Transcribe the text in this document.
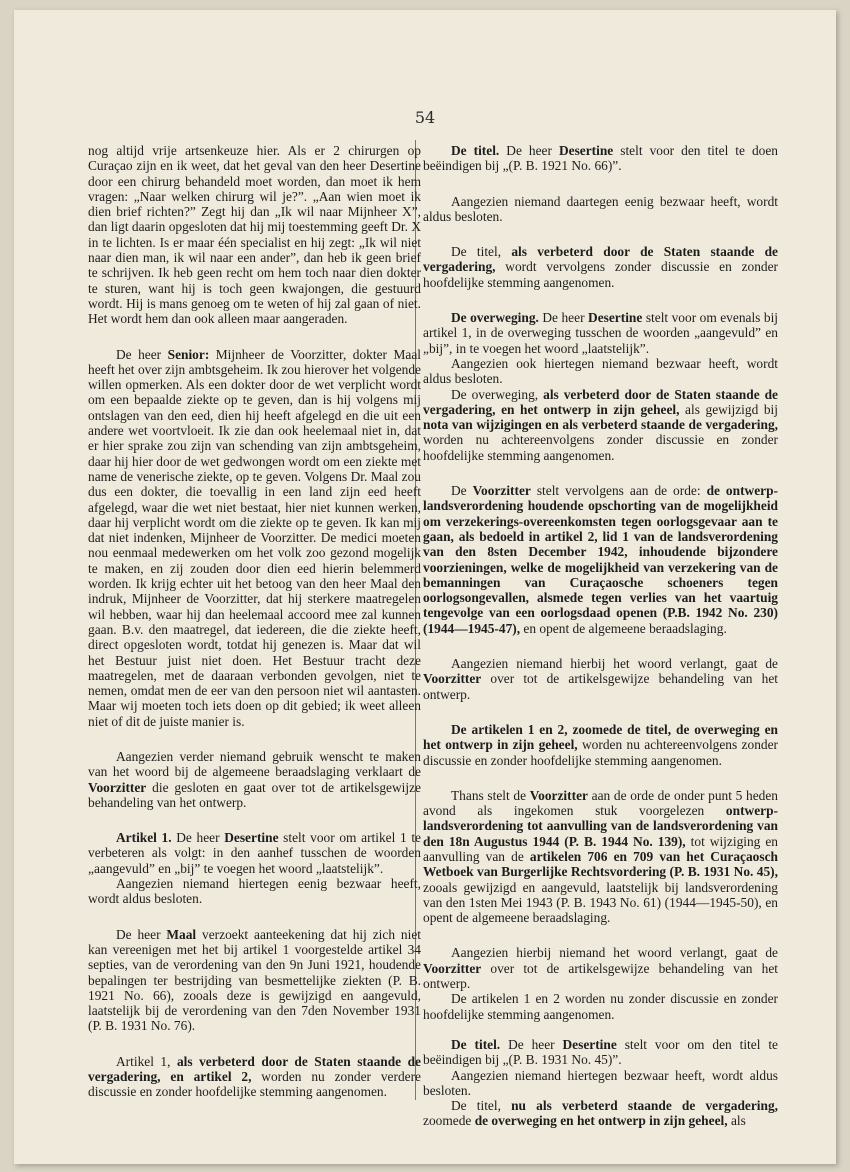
54

nog altijd vrije artsenkeuze hier. Als er 2 chirurgen op Curaçao zijn en ik weet, dat het geval van den heer Desertine door een chirurg behandeld moet worden, dan moet ik hem vragen: „Naar welken chirurg wil je?”. „Aan wien moet ik dien brief richten?” Zegt hij dan „Ik wil naar Mijnheer X”, dan ligt daarin opgesloten dat hij mij toestemming geeft Dr. X in te lichten. Is er maar één specialist en hij zegt: „Ik wil niet naar dien man, ik wil naar een ander”, dan heb ik geen brief te schrijven. Ik heb geen recht om hem toch naar dien dokter te sturen, want hij is toch geen kwajongen, die gestuurd wordt. Hij is mans genoeg om te weten of hij zal gaan of niet. Het wordt hem dan ook alleen maar aangeraden.

De heer Senior: Mijnheer de Voorzitter, dokter Maal heeft het over zijn ambtsgeheim. Ik zou hierover het volgende willen opmerken. Als een dokter door de wet verplicht wordt om een bepaalde ziekte op te geven, dan is hij volgens mij ontslagen van den eed, dien hij heeft afgelegd en die uit een andere wet voortvloeit. Ik zie dan ook heelemaal niet in, dat er hier sprake zou zijn van schending van zijn ambtsgeheim, daar hij hier door de wet gedwongen wordt om een ziekte met name de venerische ziekte, op te geven. Volgens Dr. Maal zou dus een dokter, die toevallig in een land zijn eed heeft afgelegd, waar die wet niet bestaat, hier niet kunnen werken, daar hij verplicht wordt om die ziekte op te geven. Ik kan mij dat niet indenken, Mijnheer de Voorzitter. De medici moeten nou eenmaal medewerken om het volk zoo gezond mogelijk te maken, en zij zouden door dien eed hierin belemmerd worden. Ik krijg echter uit het betoog van den heer Maal den indruk, Mijnheer de Voorzitter, dat hij sterkere maatregelen wil hebben, waar hij dan heelemaal accoord mee zal kunnen gaan. B.v. den maatregel, dat iedereen, die die ziekte heeft, direct opgesloten wordt, totdat hij genezen is. Maar dat wil het Bestuur juist niet doen. Het Bestuur tracht deze maatregelen, met de daaraan verbonden gevolgen, niet te nemen, omdat men de eer van den persoon niet wil aantasten. Maar wij moeten toch iets doen op dit gebied; ik weet alleen niet of dit de juiste manier is.

Aangezien verder niemand gebruik wenscht te maken van het woord bij de algemeene beraadslaging verklaart de Voorzitter die gesloten en gaat over tot de artikelsgewijze behandeling van het ontwerp.

Artikel 1. De heer Desertine stelt voor om artikel 1 te verbeteren als volgt: in den aanhef tusschen de woorden „aangevuld” en „bij” te voegen het woord „laatstelijk”.

Aangezien niemand hiertegen eenig bezwaar heeft, wordt aldus besloten.

De heer Maal verzoekt aanteekening dat hij zich niet kan vereenigen met het bij artikel 1 voorgestelde artikel 34 septies, van de verordening van den 9n Juni 1921, houdende bepalingen ter bestrijding van besmettelijke ziekten (P. B. 1921 No. 66), zooals deze is gewijzigd en aangevuld, laatstelijk bij de verordening van den 7den November 1931 (P. B. 1931 No. 76).

Artikel 1, als verbeterd door de Staten staande de vergadering, en artikel 2, worden nu zonder verdere discussie en zonder hoofdelijke stemming aangenomen.

De titel. De heer Desertine stelt voor den titel te doen beëindigen bij „(P. B. 1921 No. 66)”.

Aangezien niemand daartegen eenig bezwaar heeft, wordt aldus besloten.

De titel, als verbeterd door de Staten staande de vergadering, wordt vervolgens zonder discussie en zonder hoofdelijke stemming aangenomen.

De overweging. De heer Desertine stelt voor om evenals bij artikel 1, in de overweging tusschen de woorden „aangevuld” en „bij”, in te voegen het woord „laatstelijk”.

Aangezien ook hiertegen niemand bezwaar heeft, wordt aldus besloten.

De overweging, als verbeterd door de Staten staande de vergadering, en het ontwerp in zijn geheel, als gewijzigd bij nota van wijzigingen en als verbeterd staande de vergadering, worden nu achtereenvolgens zonder discussie en zonder hoofdelijke stemming aangenomen.

De Voorzitter stelt vervolgens aan de orde: de ontwerp-landsverordening houdende opschorting van de mogelijkheid om verzekerings-overeenkomsten tegen oorlogsgevaar aan te gaan, als bedoeld in artikel 2, lid 1 van de landsverordening van den 8sten December 1942, inhoudende bijzondere voorzieningen, welke de mogelijkheid van verzekering van de bemanningen van Curaçaosche schoeners tegen oorlogsongevallen, alsmede tegen verlies van het vaartuig tengevolge van een oorlogsdaad openen (P.B. 1942 No. 230) (1944—1945-47), en opent de algemeene beraadslaging.

Aangezien niemand hierbij het woord verlangt, gaat de Voorzitter over tot de artikelsgewijze behandeling van het ontwerp.

De artikelen 1 en 2, zoomede de titel, de overweging en het ontwerp in zijn geheel, worden nu achtereenvolgens zonder discussie en zonder hoofdelijke stemming aangenomen.

Thans stelt de Voorzitter aan de orde de onder punt 5 heden avond als ingekomen stuk voorgelezen ontwerp-landsverordening tot aanvulling van de landsverordening van den 18n Augustus 1944 (P. B. 1944 No. 139), tot wijziging en aanvulling van de artikelen 706 en 709 van het Curaçaosch Wetboek van Burgerlijke Rechtsvordering (P. B. 1931 No. 45), zooals gewijzigd en aangevuld, laatstelijk bij landsverordening van den 1sten Mei 1943 (P. B. 1943 No. 61) (1944—1945-50), en opent de algemeene beraadslaging.

Aangezien hierbij niemand het woord verlangt, gaat de Voorzitter over tot de artikelsgewijze behandeling van het ontwerp.

De artikelen 1 en 2 worden nu zonder discussie en zonder hoofdelijke stemming aangenomen.

De titel. De heer Desertine stelt voor om den titel te beëindigen bij „(P. B. 1931 No. 45)”.

Aangezien niemand hiertegen bezwaar heeft, wordt aldus besloten.

De titel, nu als verbeterd staande de vergadering, zoomede de overweging en het ontwerp in zijn geheel, als
